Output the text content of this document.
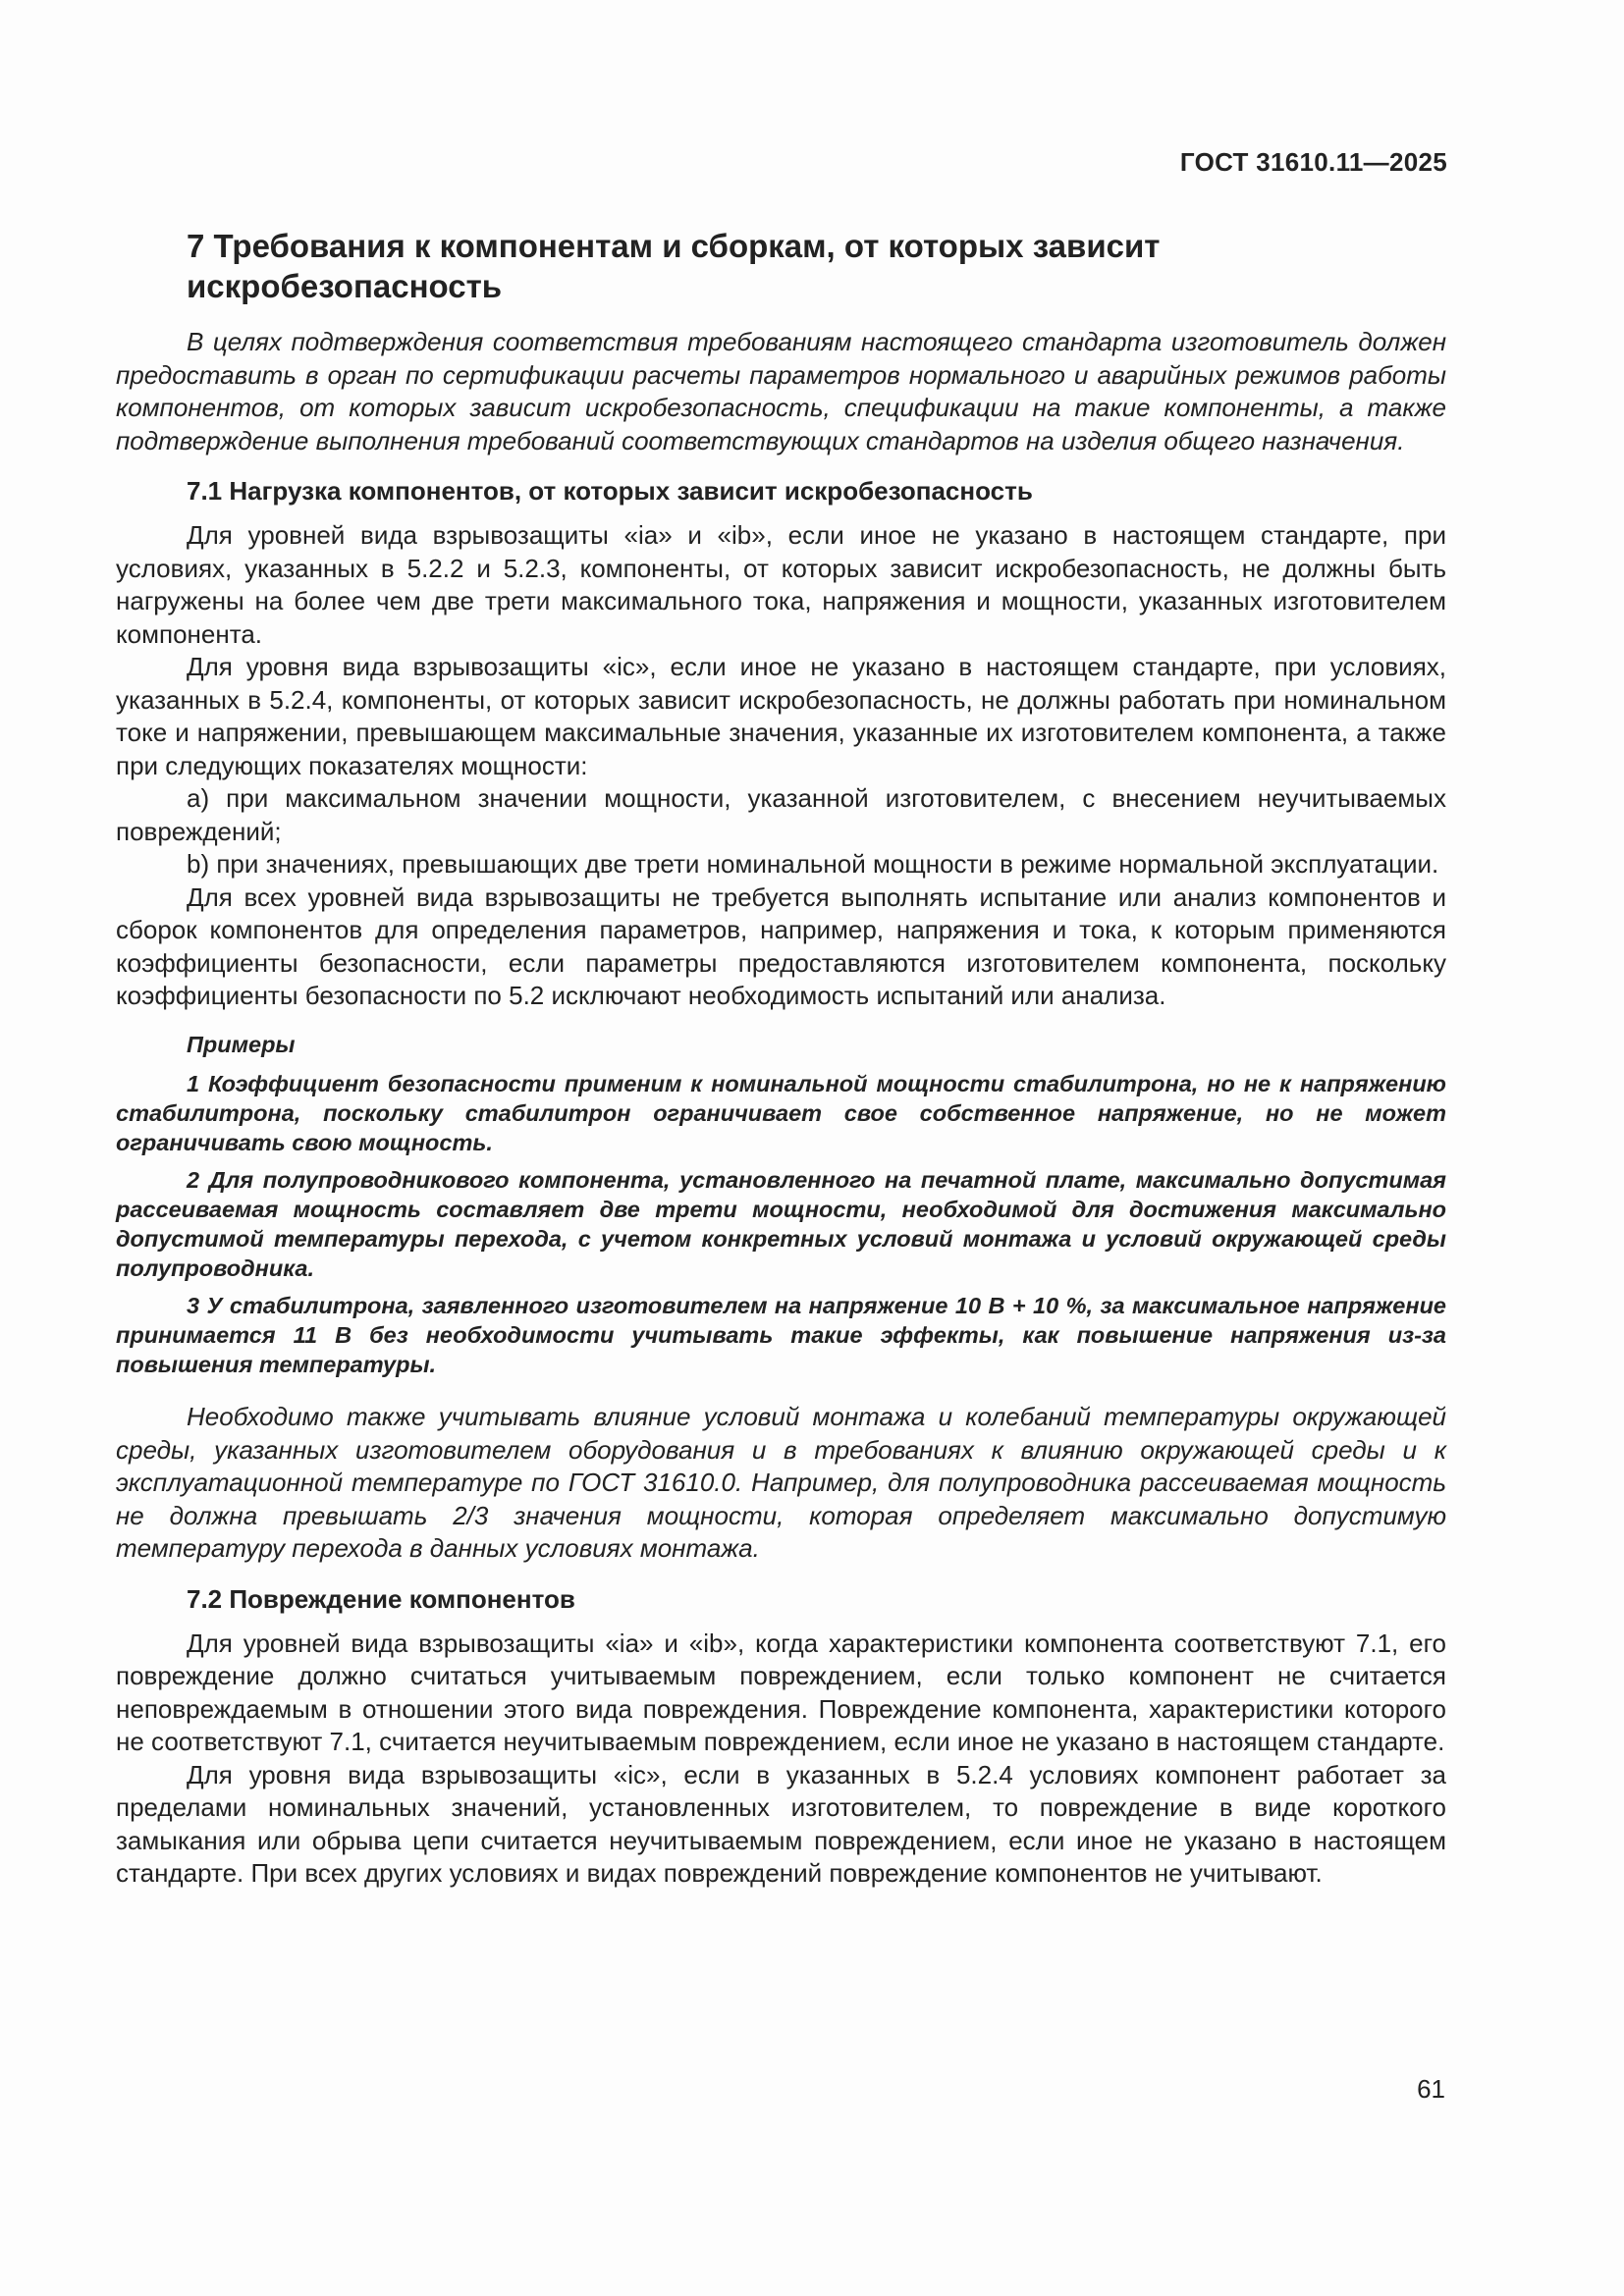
ГОСТ 31610.11—2025
7 Требования к компонентам и сборкам, от которых зависит искробезопасность

В целях подтверждения соответствия требованиям настоящего стандарта изготовитель должен предоставить в орган по сертификации расчеты параметров нормального и аварийных режимов работы компонентов, от которых зависит искробезопасность, спецификации на такие компоненты, а также подтверждение выполнения требований соответствующих стандартов на изделия общего назначения.

7.1 Нагрузка компонентов, от которых зависит искробезопасность

Для уровней вида взрывозащиты «ia» и «ib», если иное не указано в настоящем стандарте, при условиях, указанных в 5.2.2 и 5.2.3, компоненты, от которых зависит искробезопасность, не должны быть нагружены на более чем две трети максимального тока, напряжения и мощности, указанных изготовителем компонента.

Для уровня вида взрывозащиты «ic», если иное не указано в настоящем стандарте, при условиях, указанных в 5.2.4, компоненты, от которых зависит искробезопасность, не должны работать при номинальном токе и напряжении, превышающем максимальные значения, указанные их изготовителем компонента, а также при следующих показателях мощности:

a) при максимальном значении мощности, указанной изготовителем, с внесением неучитываемых повреждений;

b) при значениях, превышающих две трети номинальной мощности в режиме нормальной эксплуатации.

Для всех уровней вида взрывозащиты не требуется выполнять испытание или анализ компонентов и сборок компонентов для определения параметров, например, напряжения и тока, к которым применяются коэффициенты безопасности, если параметры предоставляются изготовителем компонента, поскольку коэффициенты безопасности по 5.2 исключают необходимость испытаний или анализа.

Примеры

1 Коэффициент безопасности применим к номинальной мощности стабилитрона, но не к напряжению стабилитрона, поскольку стабилитрон ограничивает свое собственное напряжение, но не может ограничивать свою мощность.

2 Для полупроводникового компонента, установленного на печатной плате, максимально допустимая рассеиваемая мощность составляет две трети мощности, необходимой для достижения максимально допустимой температуры перехода, с учетом конкретных условий монтажа и условий окружающей среды полупроводника.

3 У стабилитрона, заявленного изготовителем на напряжение 10 В + 10 %, за максимальное напряжение принимается 11 В без необходимости учитывать такие эффекты, как повышение напряжения из-за повышения температуры.

Необходимо также учитывать влияние условий монтажа и колебаний температуры окружающей среды, указанных изготовителем оборудования и в требованиях к влиянию окружающей среды и к эксплуатационной температуре по ГОСТ 31610.0. Например, для полупроводника рассеиваемая мощность не должна превышать 2/3 значения мощности, которая определяет максимально допустимую температуру перехода в данных условиях монтажа.

7.2 Повреждение компонентов

Для уровней вида взрывозащиты «ia» и «ib», когда характеристики компонента соответствуют 7.1, его повреждение должно считаться учитываемым повреждением, если только компонент не считается неповреждаемым в отношении этого вида повреждения. Повреждение компонента, характеристики которого не соответствуют 7.1, считается неучитываемым повреждением, если иное не указано в настоящем стандарте.

Для уровня вида взрывозащиты «ic», если в указанных в 5.2.4 условиях компонент работает за пределами номинальных значений, установленных изготовителем, то повреждение в виде короткого замыкания или обрыва цепи считается неучитываемым повреждением, если иное не указано в настоящем стандарте. При всех других условиях и видах повреждений повреждение компонентов не учитывают.

61
